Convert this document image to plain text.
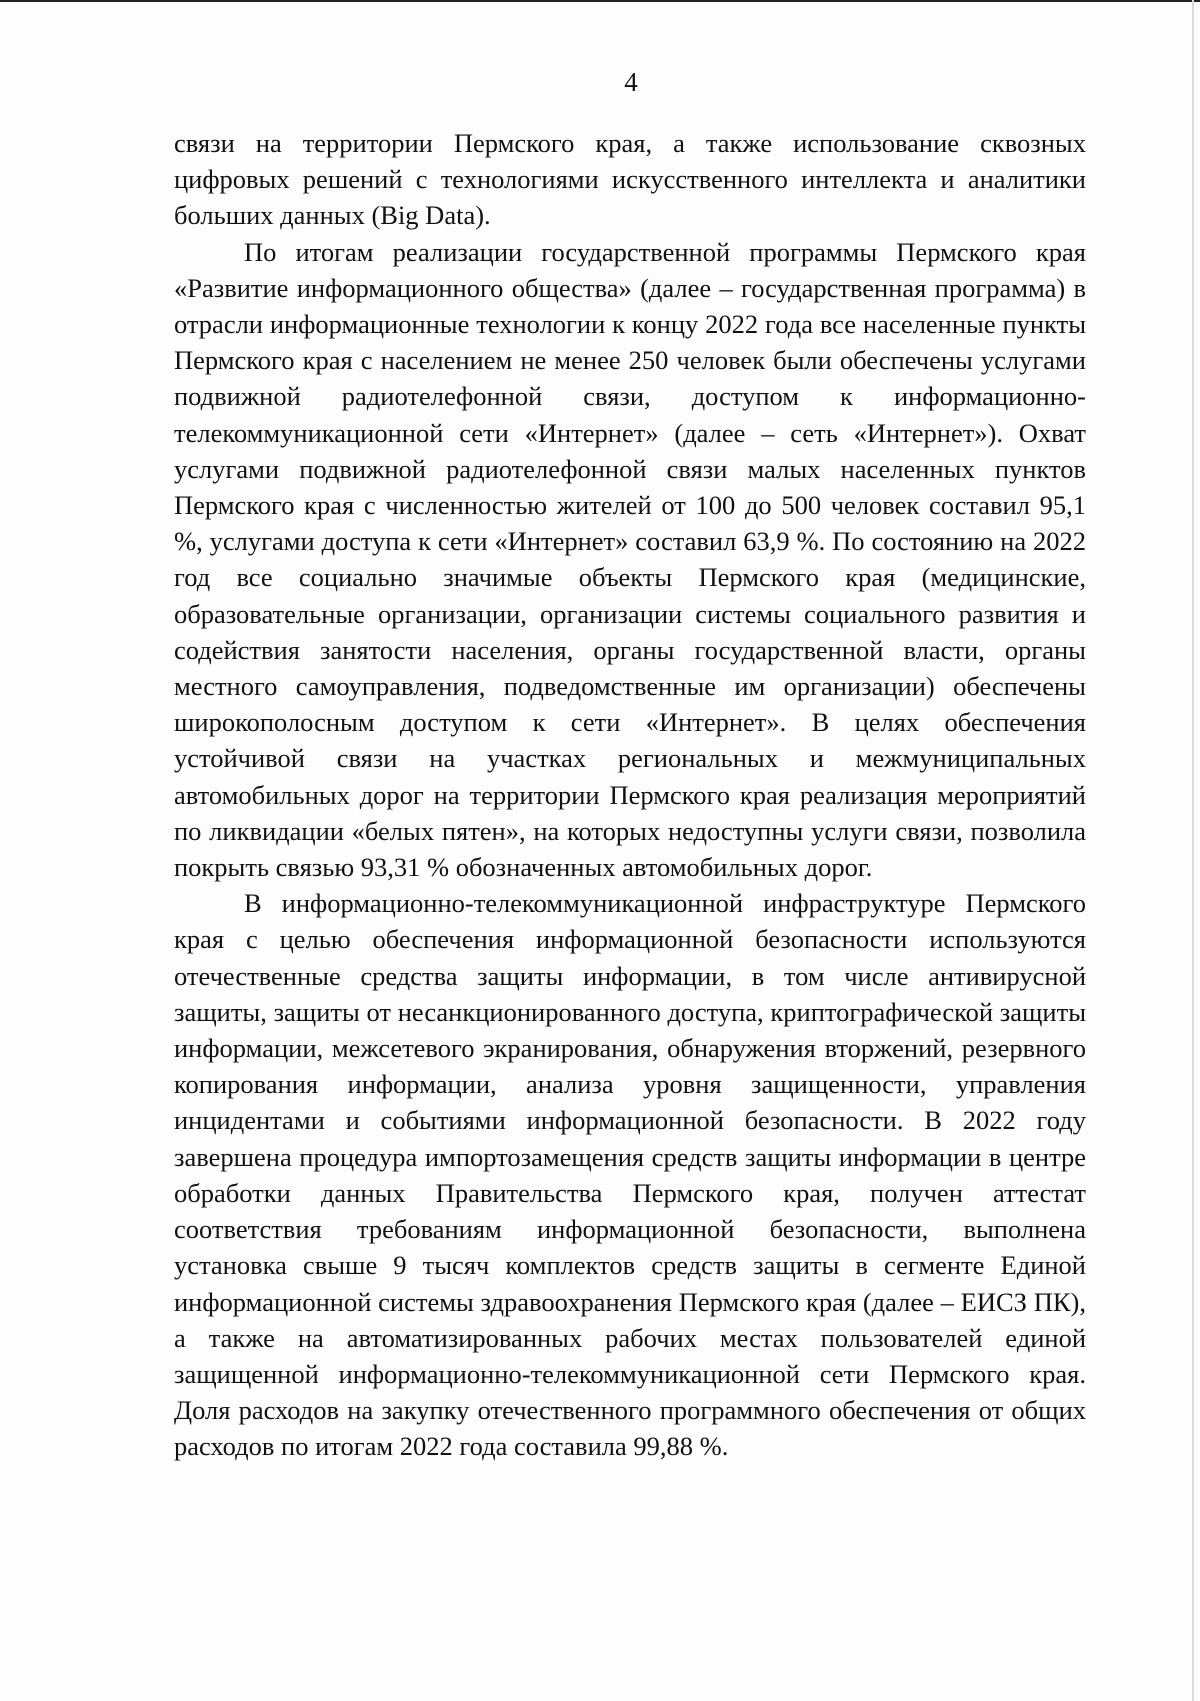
4

связи на территории Пермского края, а также использование сквозных цифровых решений с технологиями искусственного интеллекта и аналитики больших данных (Big Data).

По итогам реализации государственной программы Пермского края «Развитие информационного общества» (далее – государственная программа) в отрасли информационные технологии к концу 2022 года все населенные пункты Пермского края с населением не менее 250 человек были обеспечены услугами подвижной радиотелефонной связи, доступом к информационно-телекоммуникационной сети «Интернет» (далее – сеть «Интернет»). Охват услугами подвижной радиотелефонной связи малых населенных пунктов Пермского края с численностью жителей от 100 до 500 человек составил 95,1 %, услугами доступа к сети «Интернет» составил 63,9 %. По состоянию на 2022 год все социально значимые объекты Пермского края (медицинские, образовательные организации, организации системы социального развития и содействия занятости населения, органы государственной власти, органы местного самоуправления, подведомственные им организации) обеспечены широкополосным доступом к сети «Интернет». В целях обеспечения устойчивой связи на участках региональных и межмуниципальных автомобильных дорог на территории Пермского края реализация мероприятий по ликвидации «белых пятен», на которых недоступны услуги связи, позволила покрыть связью 93,31 % обозначенных автомобильных дорог.

В информационно-телекоммуникационной инфраструктуре Пермского края с целью обеспечения информационной безопасности используются отечественные средства защиты информации, в том числе антивирусной защиты, защиты от несанкционированного доступа, криптографической защиты информации, межсетевого экранирования, обнаружения вторжений, резервного копирования информации, анализа уровня защищенности, управления инцидентами и событиями информационной безопасности. В 2022 году завершена процедура импортозамещения средств защиты информации в центре обработки данных Правительства Пермского края, получен аттестат соответствия требованиям информационной безопасности, выполнена установка свыше 9 тысяч комплектов средств защиты в сегменте Единой информационной системы здравоохранения Пермского края (далее – ЕИСЗ ПК), а также на автоматизированных рабочих местах пользователей единой защищенной информационно-телекоммуникационной сети Пермского края. Доля расходов на закупку отечественного программного обеспечения от общих расходов по итогам 2022 года составила 99,88 %.
